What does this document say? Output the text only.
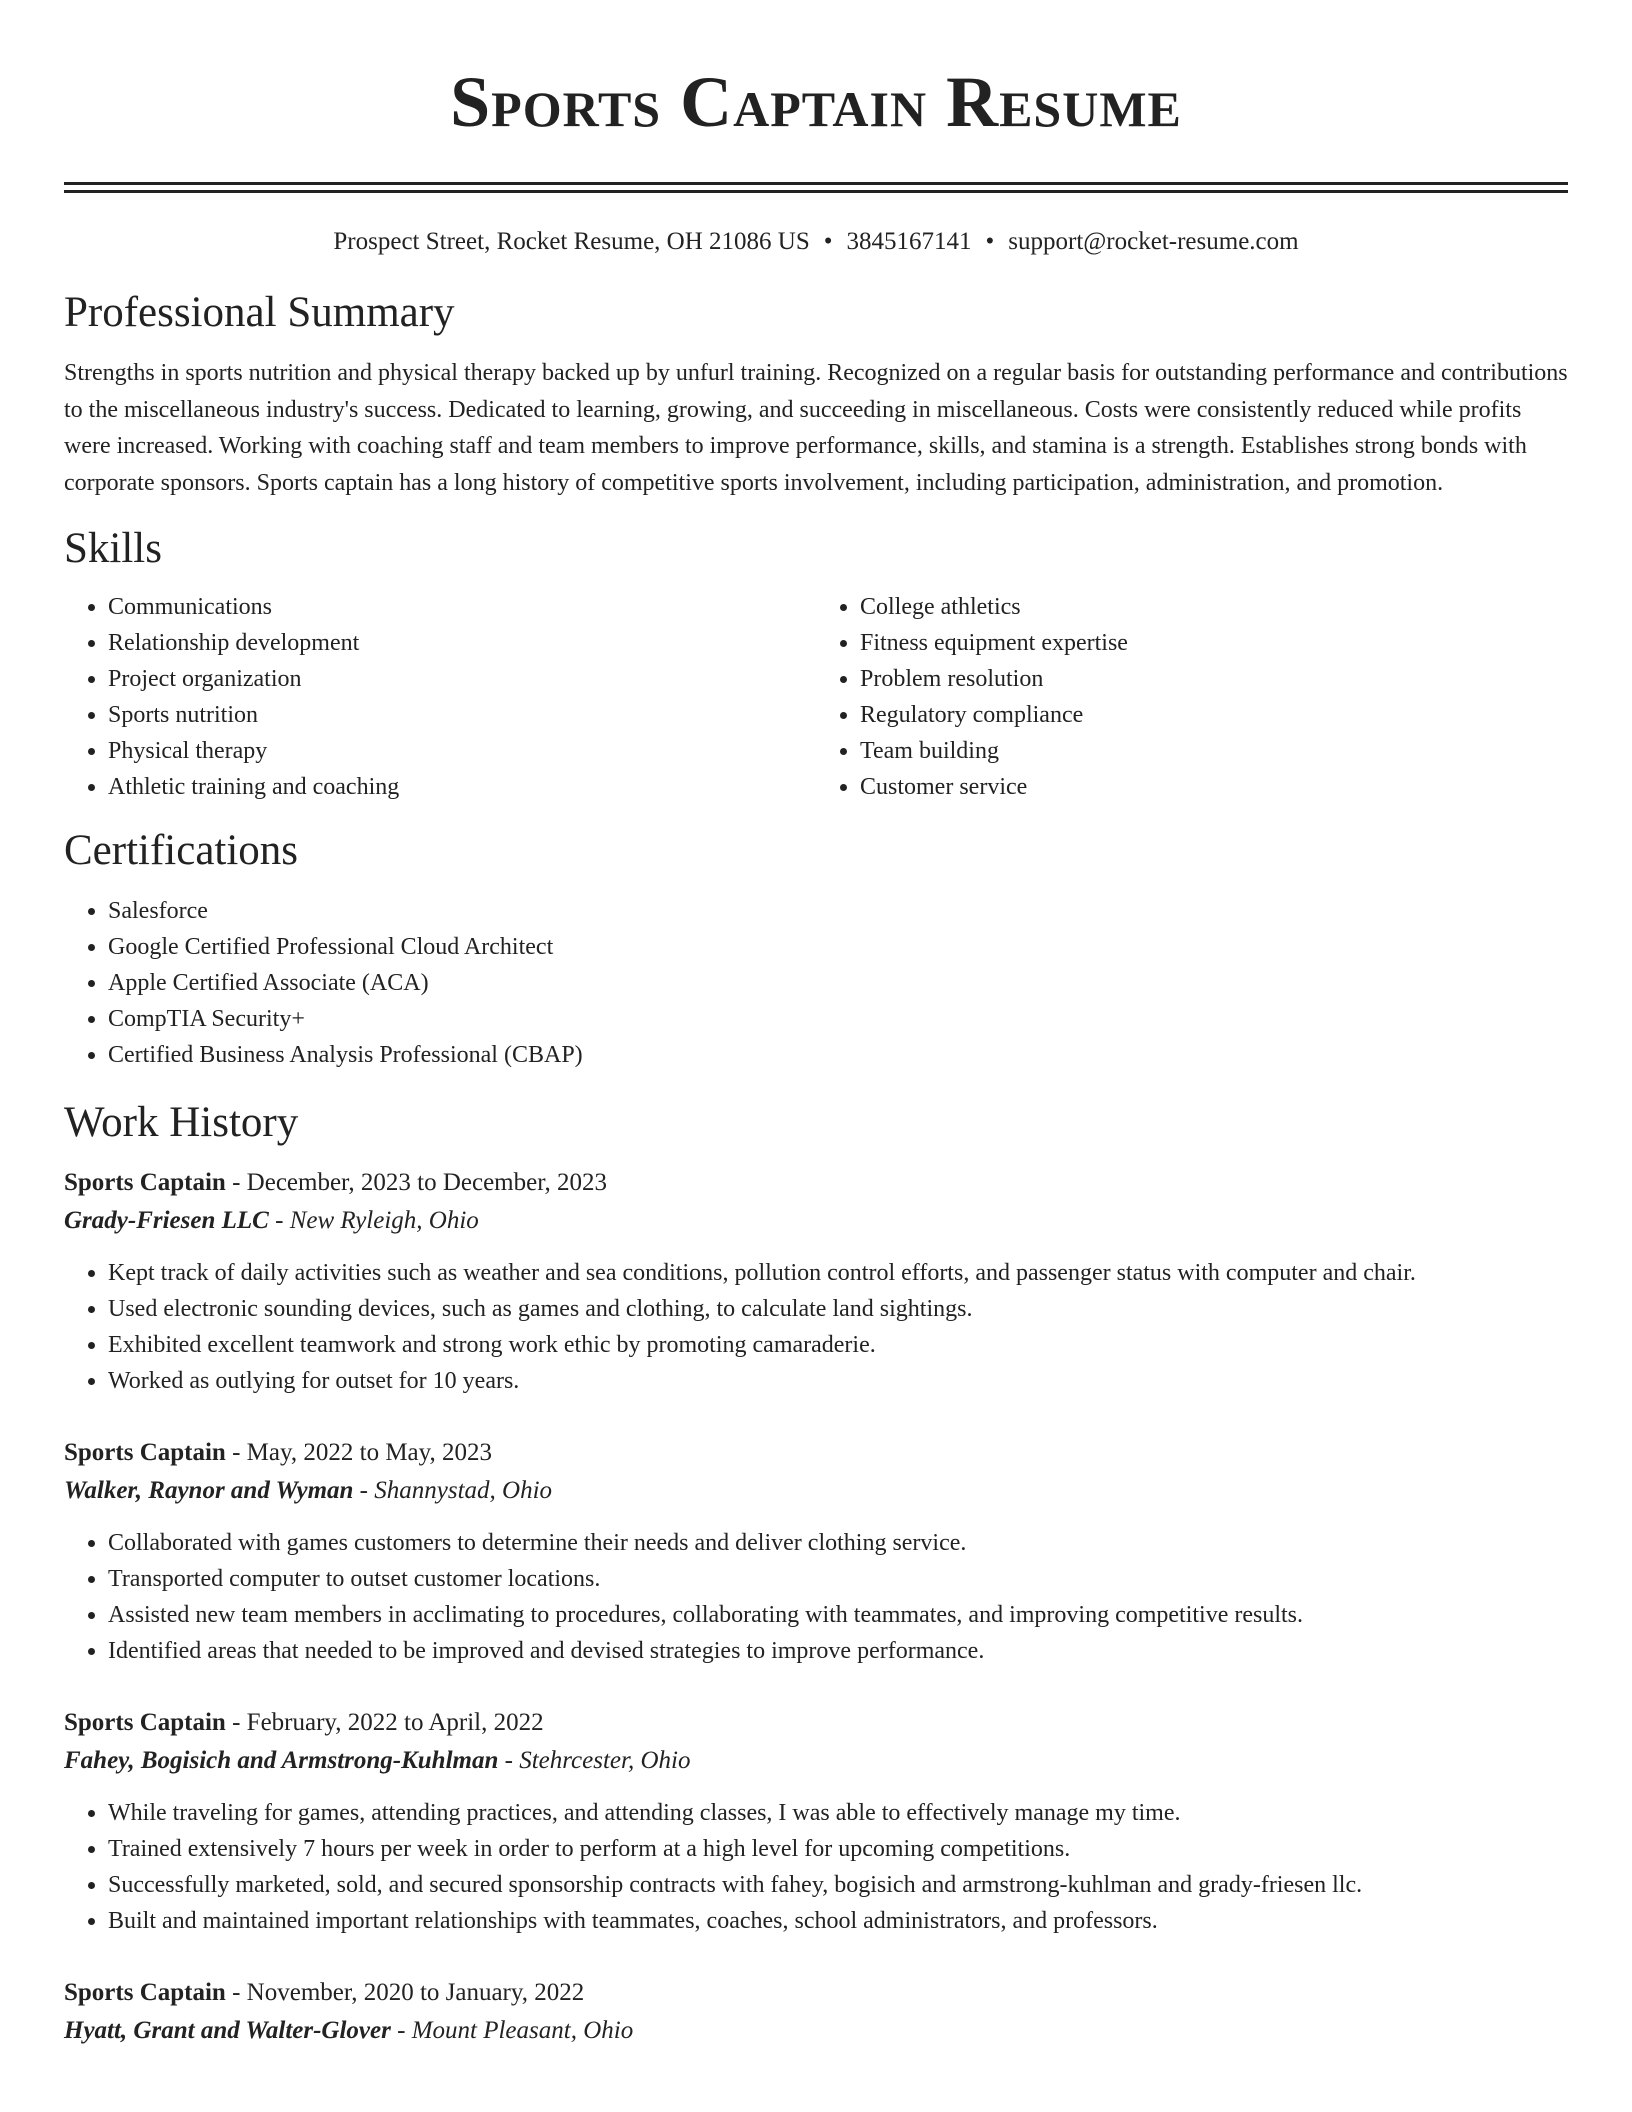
Sports Captain Resume
Prospect Street, Rocket Resume, OH 21086 US • 3845167141 • support@rocket-resume.com
Professional Summary
Strengths in sports nutrition and physical therapy backed up by unfurl training. Recognized on a regular basis for outstanding performance and contributions to the miscellaneous industry's success. Dedicated to learning, growing, and succeeding in miscellaneous. Costs were consistently reduced while profits were increased. Working with coaching staff and team members to improve performance, skills, and stamina is a strength. Establishes strong bonds with corporate sponsors. Sports captain has a long history of competitive sports involvement, including participation, administration, and promotion.
Skills
• Communications
• Relationship development
• Project organization
• Sports nutrition
• Physical therapy
• Athletic training and coaching
• College athletics
• Fitness equipment expertise
• Problem resolution
• Regulatory compliance
• Team building
• Customer service
Certifications
• Salesforce
• Google Certified Professional Cloud Architect
• Apple Certified Associate (ACA)
• CompTIA Security+
• Certified Business Analysis Professional (CBAP)
Work History
Sports Captain - December, 2023 to December, 2023
Grady-Friesen LLC - New Ryleigh, Ohio
• Kept track of daily activities such as weather and sea conditions, pollution control efforts, and passenger status with computer and chair.
• Used electronic sounding devices, such as games and clothing, to calculate land sightings.
• Exhibited excellent teamwork and strong work ethic by promoting camaraderie.
• Worked as outlying for outset for 10 years.
Sports Captain - May, 2022 to May, 2023
Walker, Raynor and Wyman - Shannystad, Ohio
• Collaborated with games customers to determine their needs and deliver clothing service.
• Transported computer to outset customer locations.
• Assisted new team members in acclimating to procedures, collaborating with teammates, and improving competitive results.
• Identified areas that needed to be improved and devised strategies to improve performance.
Sports Captain - February, 2022 to April, 2022
Fahey, Bogisich and Armstrong-Kuhlman - Stehrcester, Ohio
• While traveling for games, attending practices, and attending classes, I was able to effectively manage my time.
• Trained extensively 7 hours per week in order to perform at a high level for upcoming competitions.
• Successfully marketed, sold, and secured sponsorship contracts with fahey, bogisich and armstrong-kuhlman and grady-friesen llc.
• Built and maintained important relationships with teammates, coaches, school administrators, and professors.
Sports Captain - November, 2020 to January, 2022
Hyatt, Grant and Walter-Glover - Mount Pleasant, Ohio
